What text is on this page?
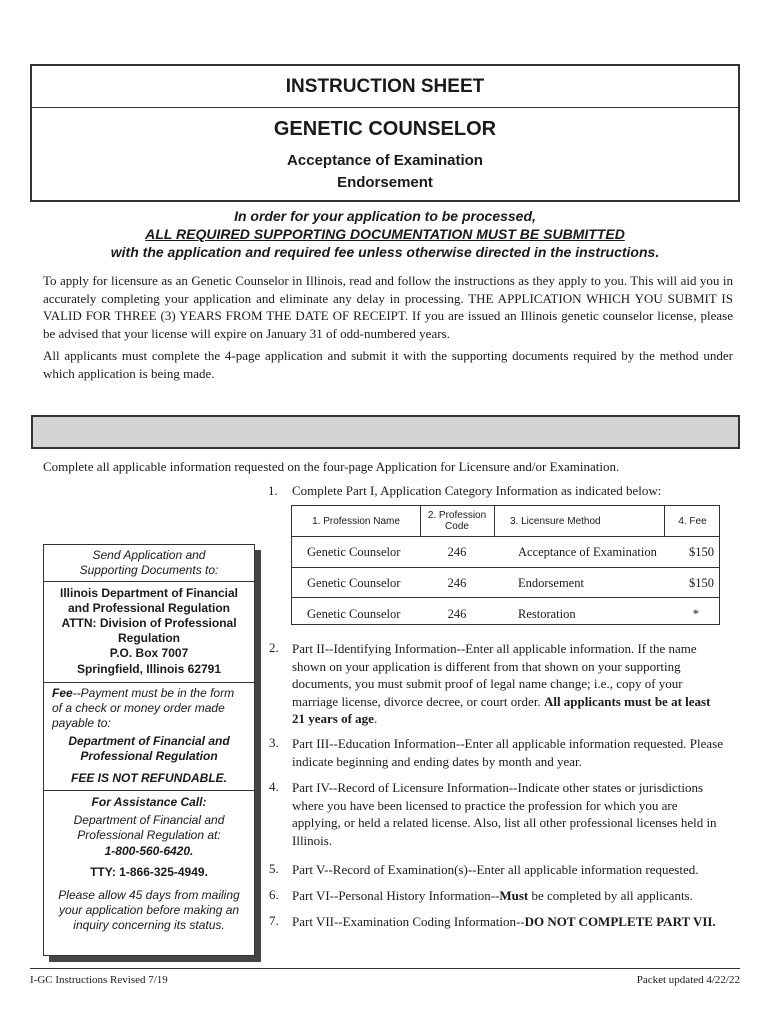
INSTRUCTION SHEET
GENETIC COUNSELOR
Acceptance of Examination
Endorsement
In order for your application to be processed,
ALL REQUIRED SUPPORTING DOCUMENTATION MUST BE SUBMITTED
with the application and required fee unless otherwise directed in the instructions.
To apply for licensure as an Genetic Counselor in Illinois, read and follow the instructions as they apply to you. This will aid you in accurately completing your application and eliminate any delay in processing. THE APPLICATION WHICH YOU SUBMIT IS VALID FOR THREE (3) YEARS FROM THE DATE OF RECEIPT. If you are issued an Illinois genetic counselor license, please be advised that your license will expire on January 31 of odd-numbered years.
All applicants must complete the 4-page application and submit it with the supporting documents required by the method under which application is being made.
Complete all applicable information requested on the four-page Application for Licensure and/or Examination.
1. Complete Part I, Application Category Information as indicated below:
1. Profession Name	2. Profession Code	3. Licensure Method	4. Fee
Genetic Counselor	246	Acceptance of Examination	$150
Genetic Counselor	246	Endorsement	$150
Genetic Counselor	246	Restoration	*
Send Application and Supporting Documents to:
Illinois Department of Financial
and Professional Regulation
ATTN: Division of Professional
Regulation
P.O. Box 7007
Springfield, Illinois 62791
Fee--Payment must be in the form of a check or money order made payable to:
Department of Financial and Professional Regulation
FEE IS NOT REFUNDABLE.
For Assistance Call:
Department of Financial and Professional Regulation at:
1-800-560-6420.
TTY: 1-866-325-4949.
Please allow 45 days from mailing your application before making an inquiry concerning its status.
2. Part II--Identifying Information--Enter all applicable information. If the name shown on your application is different from that shown on your supporting documents, you must submit proof of legal name change; i.e., copy of your marriage license, divorce decree, or court order. All applicants must be at least 21 years of age.
3. Part III--Education Information--Enter all applicable information requested. Please indicate beginning and ending dates by month and year.
4. Part IV--Record of Licensure Information--Indicate other states or jurisdictions where you have been licensed to practice the profession for which you are applying, or held a related license. Also, list all other professional licenses held in Illinois.
5. Part V--Record of Examination(s)--Enter all applicable information requested.
6. Part VI--Personal History Information--Must be completed by all applicants.
7. Part VII--Examination Coding Information--DO NOT COMPLETE PART VII.
I-GC Instructions Revised 7/19	Packet updated 4/22/22
